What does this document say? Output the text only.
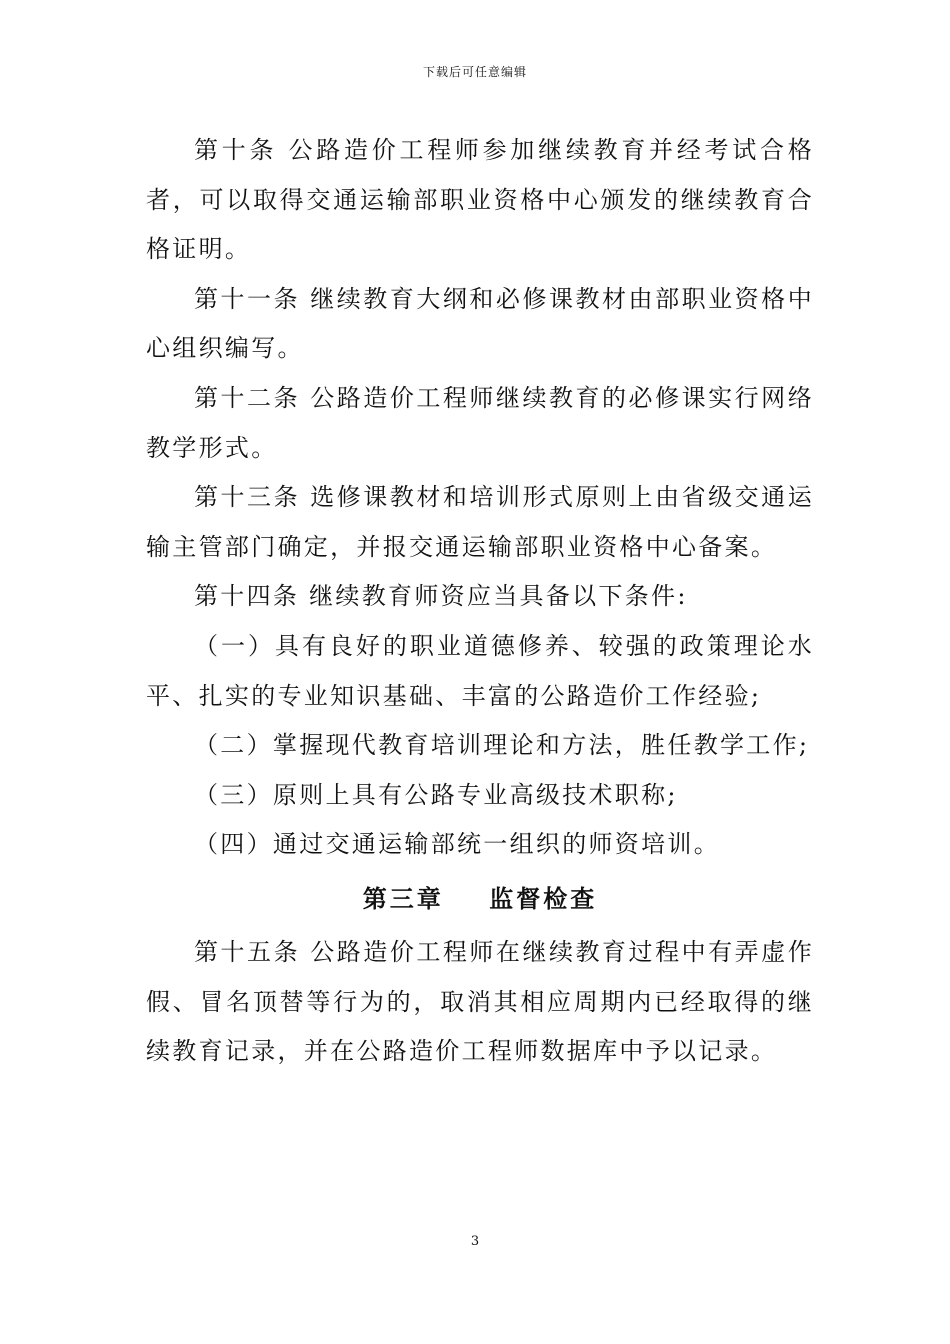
下载后可任意编辑

第十条 公路造价工程师参加继续教育并经考试合格者，可以取得交通运输部职业资格中心颁发的继续教育合格证明。

第十一条 继续教育大纲和必修课教材由部职业资格中心组织编写。

第十二条 公路造价工程师继续教育的必修课实行网络教学形式。

第十三条 选修课教材和培训形式原则上由省级交通运输主管部门确定，并报交通运输部职业资格中心备案。

第十四条 继续教育师资应当具备以下条件:

（一）具有良好的职业道德修养、较强的政策理论水平、扎实的专业知识基础、丰富的公路造价工作经验;

（二）掌握现代教育培训理论和方法，胜任教学工作;

（三）原则上具有公路专业高级技术职称;

（四）通过交通运输部统一组织的师资培训。

第三章    监督检查

第十五条 公路造价工程师在继续教育过程中有弄虚作假、冒名顶替等行为的，取消其相应周期内已经取得的继续教育记录，并在公路造价工程师数据库中予以记录。

3
